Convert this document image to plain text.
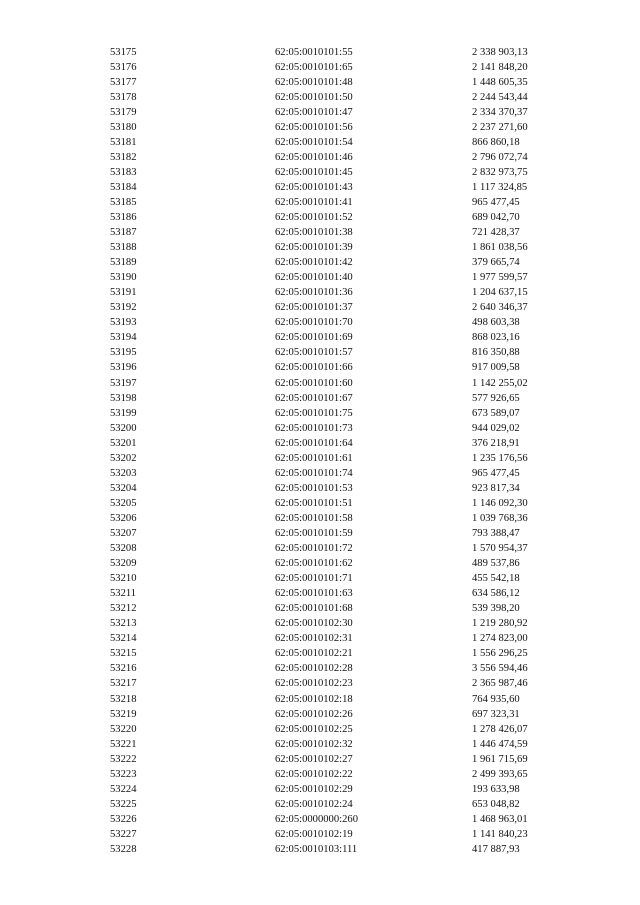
53175	62:05:0010101:55	2 338 903,13
53176	62:05:0010101:65	2 141 848,20
53177	62:05:0010101:48	1 448 605,35
53178	62:05:0010101:50	2 244 543,44
53179	62:05:0010101:47	2 334 370,37
53180	62:05:0010101:56	2 237 271,60
53181	62:05:0010101:54	866 860,18
53182	62:05:0010101:46	2 796 072,74
53183	62:05:0010101:45	2 832 973,75
53184	62:05:0010101:43	1 117 324,85
53185	62:05:0010101:41	965 477,45
53186	62:05:0010101:52	689 042,70
53187	62:05:0010101:38	721 428,37
53188	62:05:0010101:39	1 861 038,56
53189	62:05:0010101:42	379 665,74
53190	62:05:0010101:40	1 977 599,57
53191	62:05:0010101:36	1 204 637,15
53192	62:05:0010101:37	2 640 346,37
53193	62:05:0010101:70	498 603,38
53194	62:05:0010101:69	868 023,16
53195	62:05:0010101:57	816 350,88
53196	62:05:0010101:66	917 009,58
53197	62:05:0010101:60	1 142 255,02
53198	62:05:0010101:67	577 926,65
53199	62:05:0010101:75	673 589,07
53200	62:05:0010101:73	944 029,02
53201	62:05:0010101:64	376 218,91
53202	62:05:0010101:61	1 235 176,56
53203	62:05:0010101:74	965 477,45
53204	62:05:0010101:53	923 817,34
53205	62:05:0010101:51	1 146 092,30
53206	62:05:0010101:58	1 039 768,36
53207	62:05:0010101:59	793 388,47
53208	62:05:0010101:72	1 570 954,37
53209	62:05:0010101:62	489 537,86
53210	62:05:0010101:71	455 542,18
53211	62:05:0010101:63	634 586,12
53212	62:05:0010101:68	539 398,20
53213	62:05:0010102:30	1 219 280,92
53214	62:05:0010102:31	1 274 823,00
53215	62:05:0010102:21	1 556 296,25
53216	62:05:0010102:28	3 556 594,46
53217	62:05:0010102:23	2 365 987,46
53218	62:05:0010102:18	764 935,60
53219	62:05:0010102:26	697 323,31
53220	62:05:0010102:25	1 278 426,07
53221	62:05:0010102:32	1 446 474,59
53222	62:05:0010102:27	1 961 715,69
53223	62:05:0010102:22	2 499 393,65
53224	62:05:0010102:29	193 633,98
53225	62:05:0010102:24	653 048,82
53226	62:05:0000000:260	1 468 963,01
53227	62:05:0010102:19	1 141 840,23
53228	62:05:0010103:111	417 887,93
